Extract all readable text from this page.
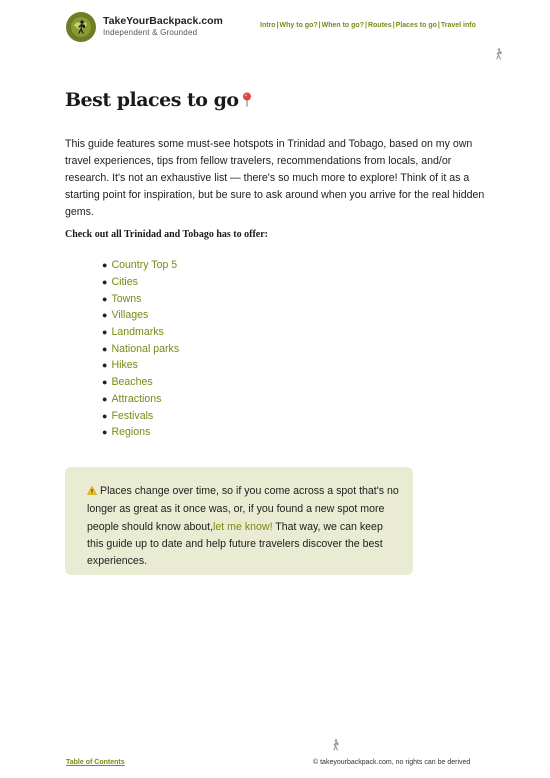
TakeYourBackpack.com
Independent & Grounded
Intro | Why to go? | When to go? | Routes | Places to go | Travel info
Best places to go

This guide features some must-see hotspots in Trinidad and Tobago, based on my own travel experiences, tips from fellow travelers, recommendations from locals, and/or research. It's not an exhaustive list — there's so much more to explore! Think of it as a starting point for inspiration, but be sure to ask around when you arrive for the real hidden gems.

Check out all Trinidad and Tobago has to offer:

● Country Top 5
● Cities
● Towns
● Villages
● Landmarks
● National parks
● Hikes
● Beaches
● Attractions
● Festivals
● Regions
Places change over time, so if you come across a spot that's no longer as great as it once was, or, if you found a new spot more people should know about,let me know! That way, we can keep this guide up to date and help future travelers discover the best experiences.
Table of Contents	© takeyourbackpack.com, no rights can be derived
